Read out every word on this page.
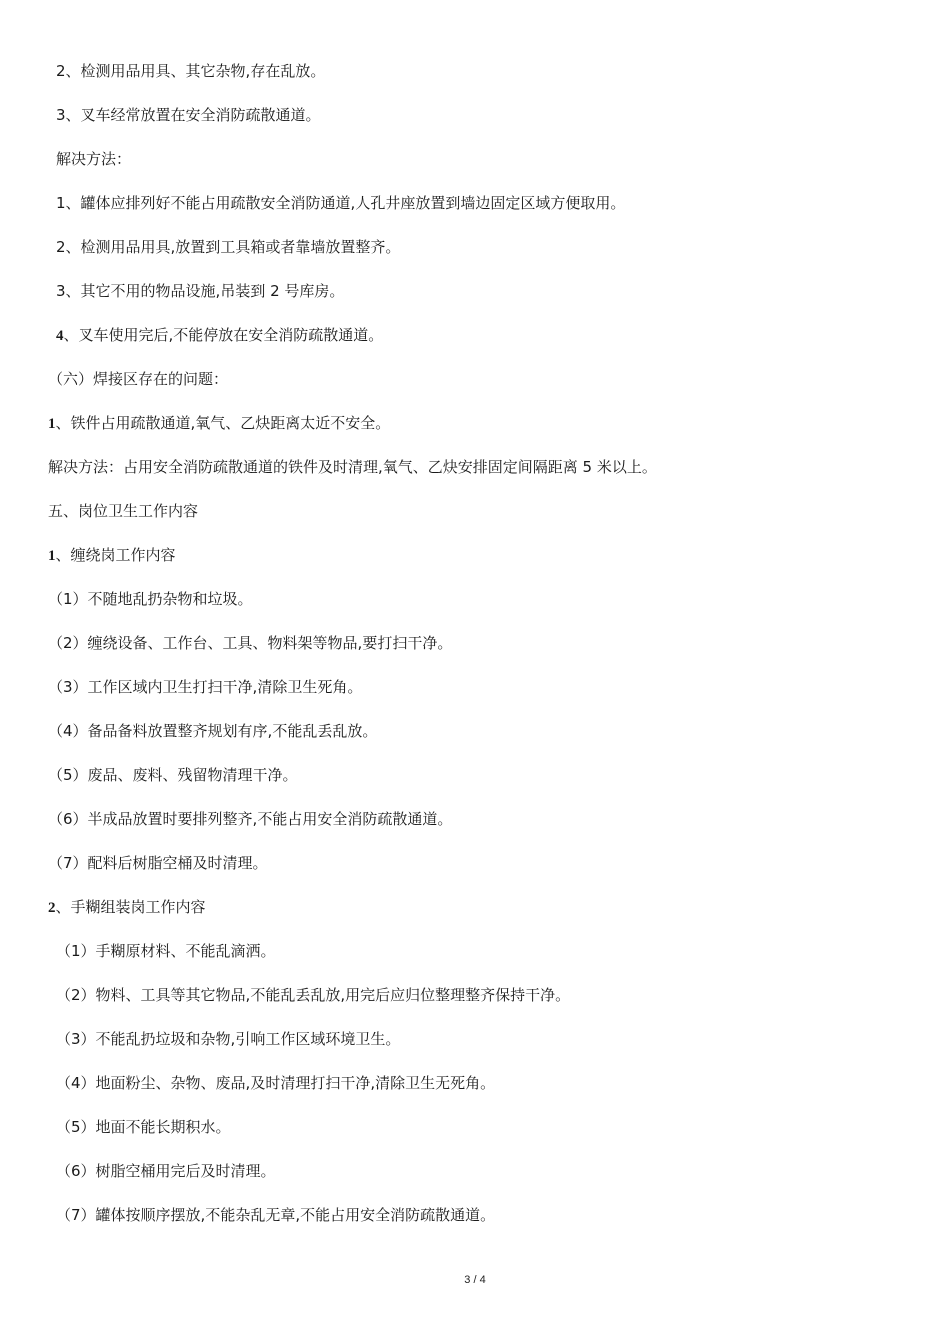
2、检测用品用具、其它杂物,存在乱放。
3、叉车经常放置在安全消防疏散通道。
解决方法：
1、罐体应排列好不能占用疏散安全消防通道,人孔井座放置到墙边固定区域方便取用。
2、检测用品用具,放置到工具箱或者靠墙放置整齐。
3、其它不用的物品设施,吊装到 2 号库房。
4、叉车使用完后,不能停放在安全消防疏散通道。
（六）焊接区存在的问题：
1、铁件占用疏散通道,氧气、乙炔距离太近不安全。
解决方法：占用安全消防疏散通道的铁件及时清理,氧气、乙炔安排固定间隔距离 5 米以上。
五、岗位卫生工作内容
1、缠绕岗工作内容
（1）不随地乱扔杂物和垃圾。
（2）缠绕设备、工作台、工具、物料架等物品,要打扫干净。
（3）工作区域内卫生打扫干净,清除卫生死角。
（4）备品备料放置整齐规划有序,不能乱丢乱放。
（5）废品、废料、残留物清理干净。
（6）半成品放置时要排列整齐,不能占用安全消防疏散通道。
（7）配料后树脂空桶及时清理。
2、手糊组装岗工作内容
（1）手糊原材料、不能乱滴洒。
（2）物料、工具等其它物品,不能乱丢乱放,用完后应归位整理整齐保持干净。
（3）不能乱扔垃圾和杂物,引响工作区域环境卫生。
（4）地面粉尘、杂物、废品,及时清理打扫干净,清除卫生无死角。
（5）地面不能长期积水。
（6）树脂空桶用完后及时清理。
（7）罐体按顺序摆放,不能杂乱无章,不能占用安全消防疏散通道。
3 / 4
